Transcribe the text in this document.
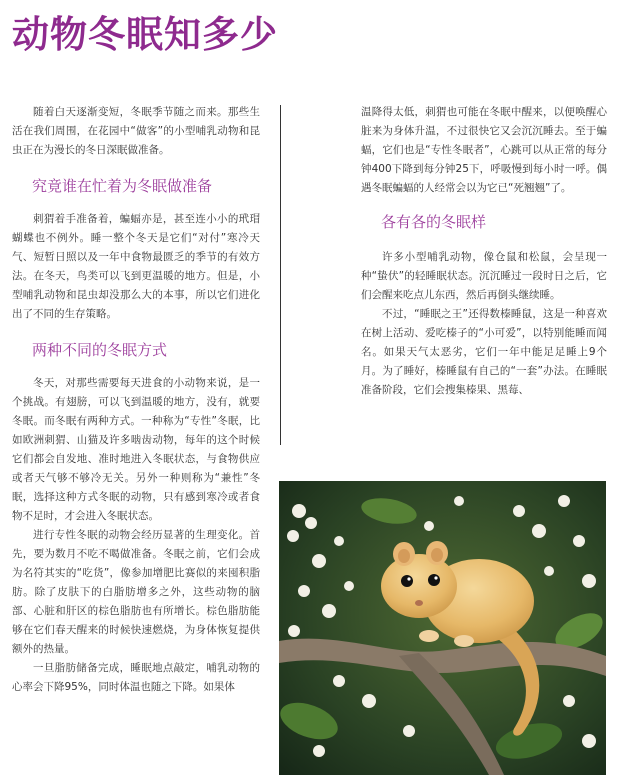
动物冬眠知多少

随着白天逐渐变短，冬眠季节随之而来。那些生活在我们周围，在花园中“做客”的小型哺乳动物和昆虫正在为漫长的冬日深眠做准备。

究竟谁在忙着为冬眠做准备

刺猬着手准备着，蝙蝠亦是，甚至连小小的玳瑁蝴蝶也不例外。睡一整个冬天是它们“对付”寒冷天气、短暂日照以及一年中食物最匮乏的季节的有效方法。在冬天，鸟类可以飞到更温暖的地方。但是，小型哺乳动物和昆虫却没那么大的本事，所以它们进化出了不同的生存策略。

两种不同的冬眠方式

冬天，对那些需要每天进食的小动物来说，是一个挑战。有翅膀，可以飞到温暖的地方，没有，就要冬眠。而冬眠有两种方式。一种称为“专性”冬眠，比如欧洲刺猬、山猫及许多啮齿动物，每年的这个时候它们都会自发地、准时地进入冬眠状态，与食物供应或者天气够不够冷无关。另外一种则称为“兼性”冬眠，选择这种方式冬眠的动物，只有感到寒冷或者食物不足时，才会进入冬眠状态。

进行专性冬眠的动物会经历显著的生理变化。首先，要为数月不吃不喝做准备。冬眠之前，它们会成为名符其实的“吃货”，像参加增肥比赛似的来囤积脂肪。除了皮肤下的白脂肪增多之外，这些动物的脑部、心脏和肝区的棕色脂肪也有所增长。棕色脂肪能够在它们春天醒来的时候快速燃烧，为身体恢复提供额外的热量。

一旦脂肪储备完成，睡眠地点敲定，哺乳动物的心率会下降95%，同时体温也随之下降。如果体

温降得太低，刺猬也可能在冬眠中醒来，以便唤醒心脏来为身体升温，不过很快它又会沉沉睡去。至于蝙蝠，它们也是“专性冬眠者”，心跳可以从正常的每分钟400下降到每分钟25下，呼吸慢到每小时一呼。偶遇冬眠蝙蝠的人经常会以为它已“死翘翘”了。

各有各的冬眠样

许多小型哺乳动物，像仓鼠和松鼠，会呈现一种“蛰伏”的轻睡眠状态。沉沉睡过一段时日之后，它们会醒来吃点儿东西，然后再倒头继续睡。

不过，“睡眠之王”还得数榛睡鼠，这是一种喜欢在树上活动、爱吃榛子的“小可爱”，以特别能睡而闻名。如果天气太恶劣，它们一年中能足足睡上9个月。为了睡好，榛睡鼠有自己的“一套”办法。在睡眠准备阶段，它们会搜集榛果、黑莓、
